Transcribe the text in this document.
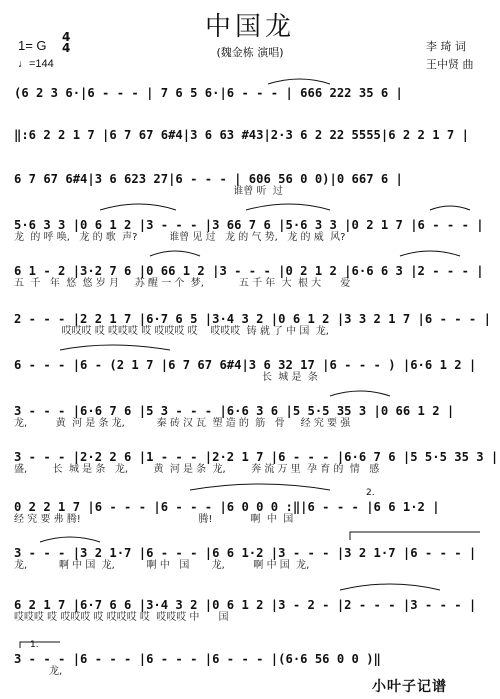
中国龙
(魏金栋 演唱)
1= G
4
4
♩=144
李 琦 词
王中贤 曲
(6 2 3 6·|6 - - - | 7 6 5 6·|6 - - - | 666 222 35 6 |
‖:6 2 2 1 7 |6 7 67 6#4|3 6 63 #43|2·3 6 2 22 5555|6 2 2 1 7 |
6 7 67 6#4|3 6 623 27|6 - - - | 606 56 0 0)|0 667 6 |
谁曾 听  过
5·6 3 3 |0 6 1 2 |3 - - - |3 66 7 6 |5·6 3 3 |0 2 1 7 |6 - - - |
龙  的 呼 唤,   龙 的 歌  声?          谁曾 见 过   龙 的 气 势,   龙 的 威  风?
6 1 - 2 |3·2 7 6 |0 66 1 2 |3 - - - |0 2 1 2 |6·6 6 3 |2 - - - |
五  千   年  悠  悠 岁 月     苏 醒 一 个  梦,           五 千 年  大  根 大      爱
2 - - - |2 2 1 7 |6·7 6 5 |3·4 3 2 |0 6 1 2 |3 3 2 1 7 |6 - - - |
哎哎哎 哎 哎哎哎 哎 哎哎哎 哎    哎哎哎  铸 就 了 中 国  龙,
6 - - - |6 - (2 1 7 |6 7 67 6#4|3 6 32 17 |6 - - - ) |6·6 1 2 |
长  城 是  条
3 - - - |6·6 7 6 |5 3 - - - |6·6 3 6 |5 5·5 35 3 |0 66 1 2 |
龙,         黄  河 是 条 龙,          秦 砖 汉 瓦  塑 造 的  筋   骨     经 究 要 强
3 - - - |2·2 2 6 |1 - - - |2·2 1 7 |6 - - - |6·6 7 6 |5 5·5 35 3 |
盛,        长  城 是 条   龙,        黄  河 是 条  龙,        奔 流 万 里  孕 育 的  情   感
0 2 2 1 7 |6 - - - |6 - - - |6 0 0 0 :‖|6 - - - |6 6 1·2 |
经 究 要 弗 腾!                                     腾!            啊  中  国
3 - - - |3 2 1·7 |6 - - - |6 6 1·2 |3 - - - |3 2 1·7 |6 - - - |
龙,          啊 中 国  龙,          啊 中   国       龙,         啊 中 国  龙,
6 2 1 7 |6·7 6 6 |3·4 3 2 |0 6 1 2 |3 - 2 - |2 - - - |3 - - - |
哎哎哎 哎 哎哎哎 哎 哎哎哎 哎  哎哎哎 中      国
3 - - - |6 - - - |6 - - - |6 - - - |(6·6 56 0 0 )‖
龙,
2.
1.
小叶子记谱
